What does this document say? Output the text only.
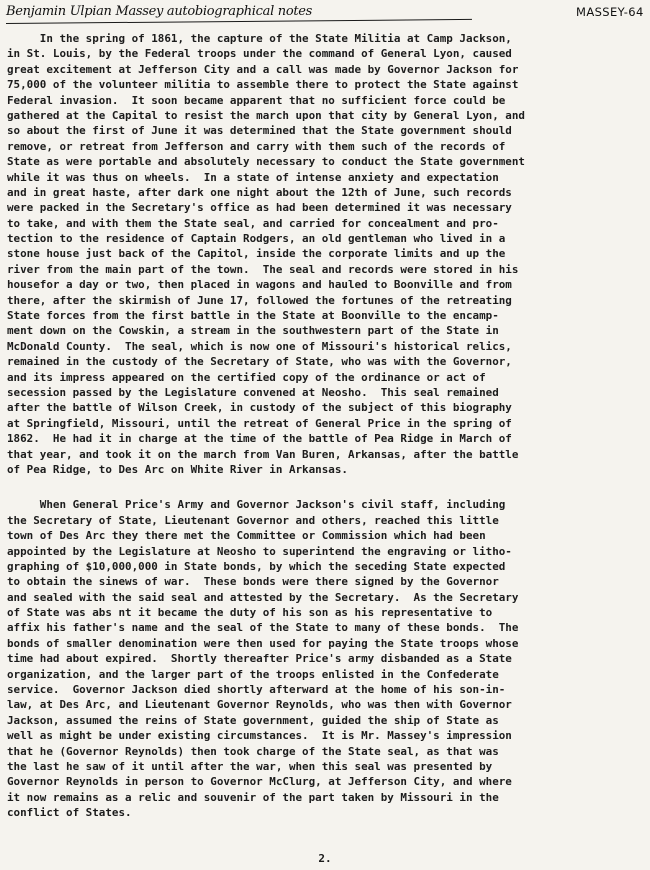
Benjamin Ulpian Massey autobiographical notes	MASSEY-64
In the spring of 1861, the capture of the State Militia at Camp Jackson,
in St. Louis, by the Federal troops under the command of General Lyon, caused
great excitement at Jefferson City and a call was made by Governor Jackson for
75,000 of the volunteer militia to assemble there to protect the State against
Federal invasion.  It soon became apparent that no sufficient force could be
gathered at the Capital to resist the march upon that city by General Lyon, and
so about the first of June it was determined that the State government should
remove, or retreat from Jefferson and carry with them such of the records of
State as were portable and absolutely necessary to conduct the State government
while it was thus on wheels.  In a state of intense anxiety and expectation
and in great haste, after dark one night about the 12th of June, such records
were packed in the Secretary's office as had been determined it was necessary
to take, and with them the State seal, and carried for concealment and pro-
tection to the residence of Captain Rodgers, an old gentleman who lived in a
stone house just back of the Capitol, inside the corporate limits and up the
river from the main part of the town.  The seal and records were stored in his
housefor a day or two, then placed in wagons and hauled to Boonville and from
there, after the skirmish of June 17, followed the fortunes of the retreating
State forces from the first battle in the State at Boonville to the encamp-
ment down on the Cowskin, a stream in the southwestern part of the State in
McDonald County.  The seal, which is now one of Missouri's historical relics,
remained in the custody of the Secretary of State, who was with the Governor,
and its impress appeared on the certified copy of the ordinance or act of
secession passed by the Legislature convened at Neosho.  This seal remained
after the battle of Wilson Creek, in custody of the subject of this biography
at Springfield, Missouri, until the retreat of General Price in the spring of
1862.  He had it in charge at the time of the battle of Pea Ridge in March of
that year, and took it on the march from Van Buren, Arkansas, after the battle
of Pea Ridge, to Des Arc on White River in Arkansas.
When General Price's Army and Governor Jackson's civil staff, including
the Secretary of State, Lieutenant Governor and others, reached this little
town of Des Arc they there met the Committee or Commission which had been
appointed by the Legislature at Neosho to superintend the engraving or litho-
graphing of $10,000,000 in State bonds, by which the seceding State expected
to obtain the sinews of war.  These bonds were there signed by the Governor
and sealed with the said seal and attested by the Secretary.  As the Secretary
of State was abs nt it became the duty of his son as his representative to
affix his father's name and the seal of the State to many of these bonds.  The
bonds of smaller denomination were then used for paying the State troops whose
time had about expired.  Shortly thereafter Price's army disbanded as a State
organization, and the larger part of the troops enlisted in the Confederate
service.  Governor Jackson died shortly afterward at the home of his son-in-
law, at Des Arc, and Lieutenant Governor Reynolds, who was then with Governor
Jackson, assumed the reins of State government, guided the ship of State as
well as might be under existing circumstances.  It is Mr. Massey's impression
that he (Governor Reynolds) then took charge of the State seal, as that was
the last he saw of it until after the war, when this seal was presented by
Governor Reynolds in person to Governor McClurg, at Jefferson City, and where
it now remains as a relic and souvenir of the part taken by Missouri in the
conflict of States.
2.
